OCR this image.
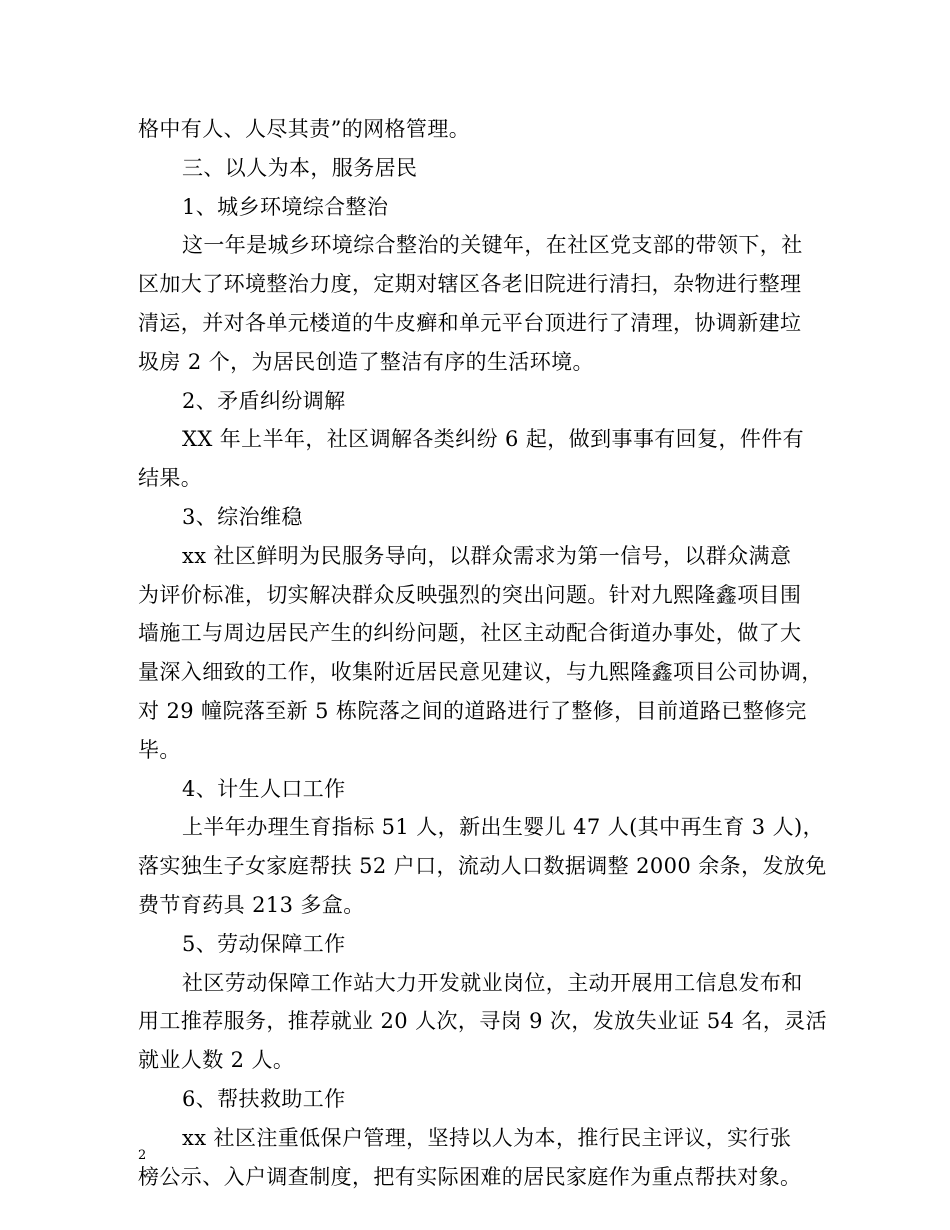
格中有人、人尽其责”的网格管理。
三、以人为本，服务居民
1、城乡环境综合整治
这一年是城乡环境综合整治的关键年，在社区党支部的带领下，社
区加大了环境整治力度，定期对辖区各老旧院进行清扫，杂物进行整理
清运，并对各单元楼道的牛皮癣和单元平台顶进行了清理，协调新建垃
圾房 2 个，为居民创造了整洁有序的生活环境。
2、矛盾纠纷调解
XX 年上半年，社区调解各类纠纷 6 起，做到事事有回复，件件有
结果。
3、综治维稳
xx 社区鲜明为民服务导向，以群众需求为第一信号，以群众满意
为评价标准，切实解决群众反映强烈的突出问题。针对九熙隆鑫项目围
墙施工与周边居民产生的纠纷问题，社区主动配合街道办事处，做了大
量深入细致的工作，收集附近居民意见建议，与九熙隆鑫项目公司协调，
对 29 幢院落至新 5 栋院落之间的道路进行了整修，目前道路已整修完
毕。
4、计生人口工作
上半年办理生育指标 51 人，新出生婴儿 47 人(其中再生育 3 人)，
落实独生子女家庭帮扶 52 户口，流动人口数据调整 2000 余条，发放免
费节育药具 213 多盒。
5、劳动保障工作
社区劳动保障工作站大力开发就业岗位，主动开展用工信息发布和
用工推荐服务，推荐就业 20 人次，寻岗 9 次，发放失业证 54 名，灵活
就业人数 2 人。
6、帮扶救助工作
xx 社区注重低保户管理，坚持以人为本，推行民主评议，实行张
榜公示、入户调查制度，把有实际困难的居民家庭作为重点帮扶对象。
2
